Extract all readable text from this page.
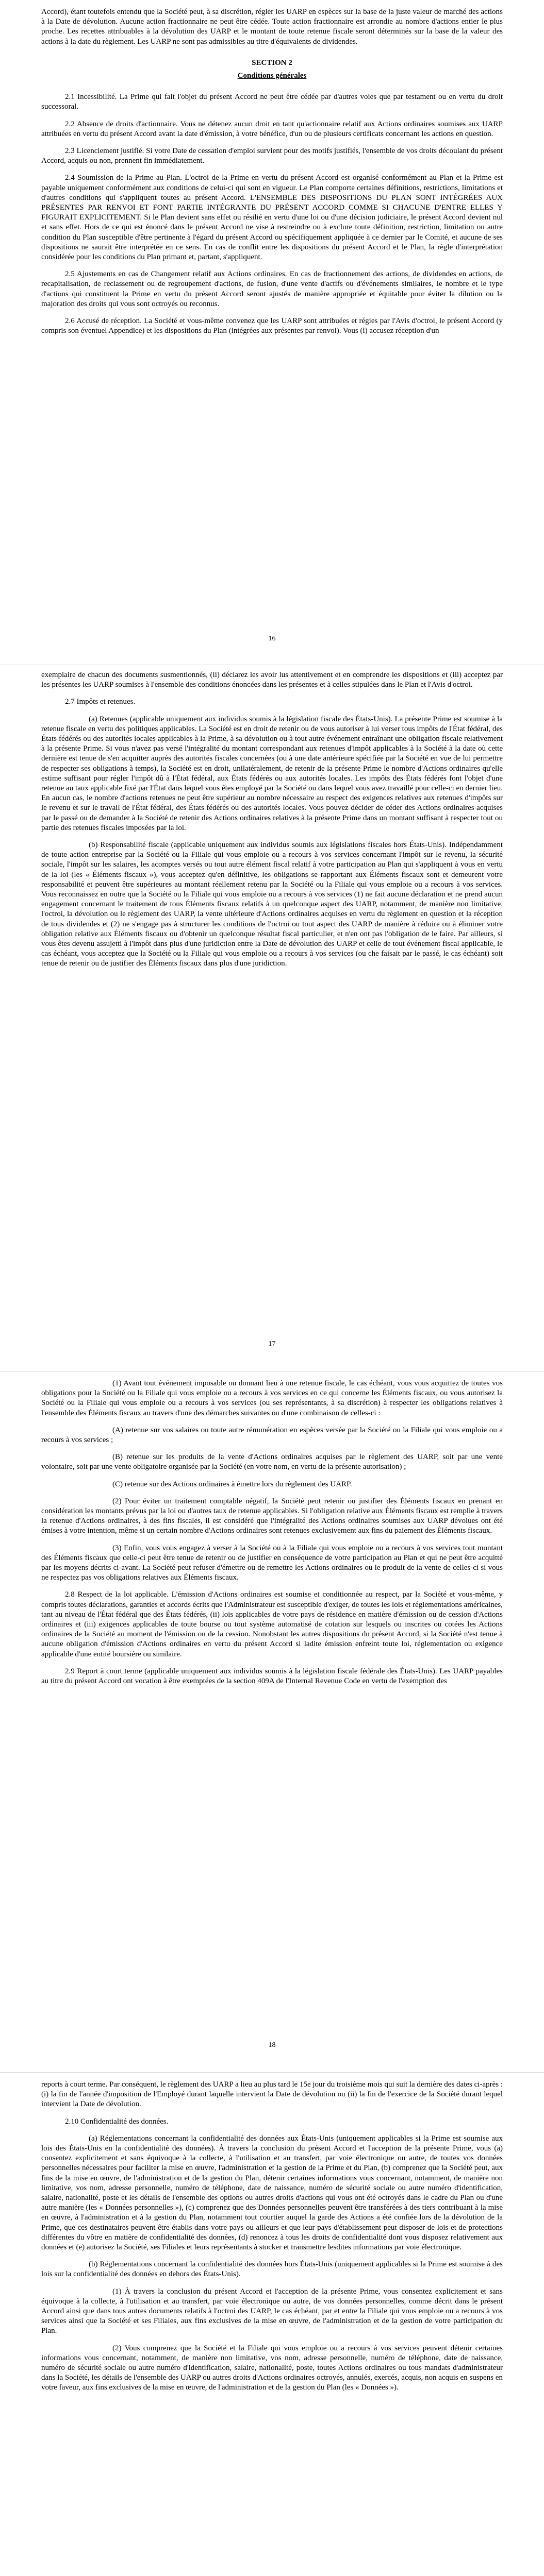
Accord), étant toutefois entendu que la Société peut, à sa discrétion, régler les UARP en espèces sur la base de la juste valeur de marché des actions à la Date de dévolution. Aucune action fractionnaire ne peut être cédée. Toute action fractionnaire est arrondie au nombre d'actions entier le plus proche. Les recettes attribuables à la dévolution des UARP et le montant de toute retenue fiscale seront déterminés sur la base de la valeur des actions à la date du règlement. Les UARP ne sont pas admissibles au titre d'équivalents de dividendes.

SECTION 2

Conditions générales

2.1 Incessibilité. La Prime qui fait l'objet du présent Accord ne peut être cédée par d'autres voies que par testament ou en vertu du droit successoral.

2.2 Absence de droits d'actionnaire. Vous ne détenez aucun droit en tant qu'actionnaire relatif aux Actions ordinaires soumises aux UARP attribuées en vertu du présent Accord avant la date d'émission, à votre bénéfice, d'un ou de plusieurs certificats concernant les actions en question.

2.3 Licenciement justifié. Si votre Date de cessation d'emploi survient pour des motifs justifiés, l'ensemble de vos droits découlant du présent Accord, acquis ou non, prennent fin immédiatement.

2.4 Soumission de la Prime au Plan. L'octroi de la Prime en vertu du présent Accord est organisé conformément au Plan et la Prime est payable uniquement conformément aux conditions de celui-ci qui sont en vigueur. Le Plan comporte certaines définitions, restrictions, limitations et d'autres conditions qui s'appliquent toutes au présent Accord. L'ENSEMBLE DES DISPOSITIONS DU PLAN SONT INTÉGRÉES AUX PRÉSENTES PAR RENVOI ET FONT PARTIE INTÉGRANTE DU PRÉSENT ACCORD COMME SI CHACUNE D'ENTRE ELLES Y FIGURAIT EXPLICITEMENT. Si le Plan devient sans effet ou résilié en vertu d'une loi ou d'une décision judiciaire, le présent Accord devient nul et sans effet. Hors de ce qui est énoncé dans le présent Accord ne vise à restreindre ou à exclure toute définition, restriction, limitation ou autre condition du Plan susceptible d'être pertinente à l'égard du présent Accord ou spécifiquement appliquée à ce dernier par le Comité, et aucune de ses dispositions ne saurait être interprétée en ce sens. En cas de conflit entre les dispositions du présent Accord et le Plan, la règle d'interprétation considérée pour les conditions du Plan primant et, partant, s'appliquent.

2.5 Ajustements en cas de Changement relatif aux Actions ordinaires. En cas de fractionnement des actions, de dividendes en actions, de recapitalisation, de reclassement ou de regroupement d'actions, de fusion, d'une vente d'actifs ou d'événements similaires, le nombre et le type d'actions qui constituent la Prime en vertu du présent Accord seront ajustés de manière appropriée et équitable pour éviter la dilution ou la majoration des droits qui vous sont octroyés ou reconnus.

2.6 Accusé de réception. La Société et vous-même convenez que les UARP sont attribuées et régies par l'Avis d'octroi, le présent Accord (y compris son éventuel Appendice) et les dispositions du Plan (intégrées aux présentes par renvoi). Vous (i) accusez réception d'un

16

exemplaire de chacun des documents susmentionnés, (ii) déclarez les avoir lus attentivement et en comprendre les dispositions et (iii) acceptez par les présentes les UARP soumises à l'ensemble des conditions énoncées dans les présentes et à celles stipulées dans le Plan et l'Avis d'octroi.

2.7 Impôts et retenues.

(a) Retenues (applicable uniquement aux individus soumis à la législation fiscale des États-Unis). La présente Prime est soumise à la retenue fiscale en vertu des politiques applicables. La Société est en droit de retenir ou de vous autoriser à lui verser tous impôts de l'État fédéral, des États fédérés ou des autorités locales applicables à la Prime, à sa dévolution ou à tout autre événement entraînant une obligation fiscale relativement à la présente Prime. Si vous n'avez pas versé l'intégralité du montant correspondant aux retenues d'impôt applicables à la Société à la date où cette dernière est tenue de s'en acquitter auprès des autorités fiscales concernées (ou à une date antérieure spécifiée par la Société en vue de lui permettre de respecter ses obligations à temps), la Société est en droit, unilatéralement, de retenir de la présente Prime le nombre d'Actions ordinaires qu'elle estime suffisant pour régler l'impôt dû à l'État fédéral, aux États fédérés ou aux autorités locales. Les impôts des États fédérés font l'objet d'une retenue au taux applicable fixé par l'État dans lequel vous êtes employé par la Société ou dans lequel vous avez travaillé pour celle-ci en dernier lieu. En aucun cas, le nombre d'actions retenues ne peut être supérieur au nombre nécessaire au respect des exigences relatives aux retenues d'impôts sur le revenu et sur le travail de l'État fédéral, des États fédérés ou des autorités locales. Vous pouvez décider de céder des Actions ordinaires acquises par le passé ou de demander à la Société de retenir des Actions ordinaires relatives à la présente Prime dans un montant suffisant à respecter tout ou partie des retenues fiscales imposées par la loi.

(b) Responsabilité fiscale (applicable uniquement aux individus soumis aux législations fiscales hors États-Unis). Indépendamment de toute action entreprise par la Société ou la Filiale qui vous emploie ou a recours à vos services concernant l'impôt sur le revenu, la sécurité sociale, l'impôt sur les salaires, les acomptes versés ou tout autre élément fiscal relatif à votre participation au Plan qui s'appliquent à vous en vertu de la loi (les « Éléments fiscaux »), vous acceptez qu'en définitive, les obligations se rapportant aux Éléments fiscaux sont et demeurent votre responsabilité et peuvent être supérieures au montant réellement retenu par la Société ou la Filiale qui vous emploie ou a recours à vos services. Vous reconnaissez en outre que la Société ou la Filiale qui vous emploie ou a recours à vos services (1) ne fait aucune déclaration et ne prend aucun engagement concernant le traitement de tous Éléments fiscaux relatifs à un quelconque aspect des UARP, notamment, de manière non limitative, l'octroi, la dévolution ou le règlement des UARP, la vente ultérieure d'Actions ordinaires acquises en vertu du règlement en question et la réception de tous dividendes et (2) ne s'engage pas à structurer les conditions de l'octroi ou tout aspect des UARP de manière à réduire ou à éliminer votre obligation relative aux Éléments fiscaux ou d'obtenir un quelconque résultat fiscal particulier, et n'en ont pas l'obligation de le faire. Par ailleurs, si vous êtes devenu assujetti à l'impôt dans plus d'une juridiction entre la Date de dévolution des UARP et celle de tout événement fiscal applicable, le cas échéant, vous acceptez que la Société ou la Filiale qui vous emploie ou a recours à vos services (ou che faisait par le passé, le cas échéant) soit tenue de retenir ou de justifier des Éléments fiscaux dans plus d'une juridiction.

17

(1) Avant tout événement imposable ou donnant lieu à une retenue fiscale, le cas échéant, vous vous acquittez de toutes vos obligations pour la Société ou la Filiale qui vous emploie ou a recours à vos services en ce qui concerne les Éléments fiscaux, ou vous autorisez la Société ou la Filiale qui vous emploie ou a recours à vos services (ou ses représentants, à sa discrétion) à respecter les obligations relatives à l'ensemble des Éléments fiscaux au travers d'une des démarches suivantes ou d'une combinaison de celles-ci :

(A) retenue sur vos salaires ou toute autre rémunération en espèces versée par la Société ou la Filiale qui vous emploie ou a recours à vos services ;

(B) retenue sur les produits de la vente d'Actions ordinaires acquises par le règlement des UARP, soit par une vente volontaire, soit par une vente obligatoire organisée par la Société (en votre nom, en vertu de la présente autorisation) ;

(C) retenue sur des Actions ordinaires à émettre lors du règlement des UARP.

(2) Pour éviter un traitement comptable négatif, la Société peut retenir ou justifier des Éléments fiscaux en prenant en considération les montants prévus par la loi ou d'autres taux de retenue applicables. Si l'obligation relative aux Éléments fiscaux est remplie à travers la retenue d'Actions ordinaires, à des fins fiscales, il est considéré que l'intégralité des Actions ordinaires soumises aux UARP dévolues ont été émises à votre intention, même si un certain nombre d'Actions ordinaires sont retenues exclusivement aux fins du paiement des Éléments fiscaux.

(3) Enfin, vous vous engagez à verser à la Société ou à la Filiale qui vous emploie ou a recours à vos services tout montant des Éléments fiscaux que celle-ci peut être tenue de retenir ou de justifier en conséquence de votre participation au Plan et qui ne peut être acquitté par les moyens décrits ci-avant. La Société peut refuser d'émettre ou de remettre les Actions ordinaires ou le produit de la vente de celles-ci si vous ne respectez pas vos obligations relatives aux Éléments fiscaux.

2.8 Respect de la loi applicable. L'émission d'Actions ordinaires est soumise et conditionnée au respect, par la Société et vous-même, y compris toutes déclarations, garanties et accords écrits que l'Administrateur est susceptible d'exiger, de toutes les lois et réglementations américaines, tant au niveau de l'État fédéral que des États fédérés, (ii) lois applicables de votre pays de résidence en matière d'émission ou de cession d'Actions ordinaires et (iii) exigences applicables de toute bourse ou tout système automatisé de cotation sur lesquels ou inscrites ou cotées les Actions ordinaires de la Société au moment de l'émission ou de la cession. Nonobstant les autres dispositions du présent Accord, si la Société n'est tenue à aucune obligation d'émission d'Actions ordinaires en vertu du présent Accord si ladite émission enfreint toute loi, réglementation ou exigence applicable d'une entité boursière ou similaire.

2.9 Report à court terme (applicable uniquement aux individus soumis à la législation fiscale fédérale des États-Unis). Les UARP payables au titre du présent Accord ont vocation à être exemptées de la section 409A de l'Internal Revenue Code en vertu de l'exemption des

18

reports à court terme. Par conséquent, le règlement des UARP a lieu au plus tard le 15e jour du troisième mois qui suit la dernière des dates ci-après : (i) la fin de l'année d'imposition de l'Employé durant laquelle intervient la Date de dévolution ou (ii) la fin de l'exercice de la Société durant lequel intervient la Date de dévolution.

2.10 Confidentialité des données.

(a) Réglementations concernant la confidentialité des données aux États-Unis (uniquement applicables si la Prime est soumise aux lois des États-Unis en la confidentialité des données). À travers la conclusion du présent Accord et l'acception de la présente Prime, vous (a) consentez explicitement et sans équivoque à la collecte, à l'utilisation et au transfert, par voie électronique ou autre, de toutes vos données personnelles nécessaires pour faciliter la mise en œuvre, l'administration et la gestion de la Prime et du Plan, (b) comprenez que la Société peut, aux fins de la mise en œuvre, de l'administration et de la gestion du Plan, détenir certaines informations vous concernant, notamment, de manière non limitative, vos nom, adresse personnelle, numéro de téléphone, date de naissance, numéro de sécurité sociale ou autre numéro d'identification, salaire, nationalité, poste et les détails de l'ensemble des options ou autres droits d'actions qui vous ont été octroyés dans le cadre du Plan ou d'une autre manière (les « Données personnelles »), (c) comprenez que des Données personnelles peuvent être transférées à des tiers contribuant à la mise en œuvre, à l'administration et à la gestion du Plan, notamment tout courtier auquel la garde des Actions a été confiée lors de la dévolution de la Prime, que ces destinataires peuvent être établis dans votre pays ou ailleurs et que leur pays d'établissement peut disposer de lois et de protections différentes du vôtre en matière de confidentialité des données, (d) renoncez à tous les droits de confidentialité dont vous disposez relativement aux données et (e) autorisez la Société, ses Filiales et leurs représentants à stocker et transmettre lesdites informations par voie électronique.

(b) Réglementations concernant la confidentialité des données hors États-Unis (uniquement applicables si la Prime est soumise à des lois sur la confidentialité des données en dehors des États-Unis).

(1) À travers la conclusion du présent Accord et l'acception de la présente Prime, vous consentez explicitement et sans équivoque à la collecte, à l'utilisation et au transfert, par voie électronique ou autre, de vos données personnelles, comme décrit dans le présent Accord ainsi que dans tous autres documents relatifs à l'octroi des UARP, le cas échéant, par et entre la Filiale qui vous emploie ou a recours à vos services ainsi que la Société et ses Filiales, aux fins exclusives de la mise en œuvre, de l'administration et de la gestion de votre participation du Plan.

(2) Vous comprenez que la Société et la Filiale qui vous emploie ou a recours à vos services peuvent détenir certaines informations vous concernant, notamment, de manière non limitative, vos nom, adresse personnelle, numéro de téléphone, date de naissance, numéro de sécurité sociale ou autre numéro d'identification, salaire, nationalité, poste, toutes Actions ordinaires ou tous mandats d'administrateur dans la Société, les détails de l'ensemble des UARP ou autres droits d'Actions ordinaires octroyés, annulés, exercés, acquis, non acquis en suspens en votre faveur, aux fins exclusives de la mise en œuvre, de l'administration et de la gestion du Plan (les « Données »).
